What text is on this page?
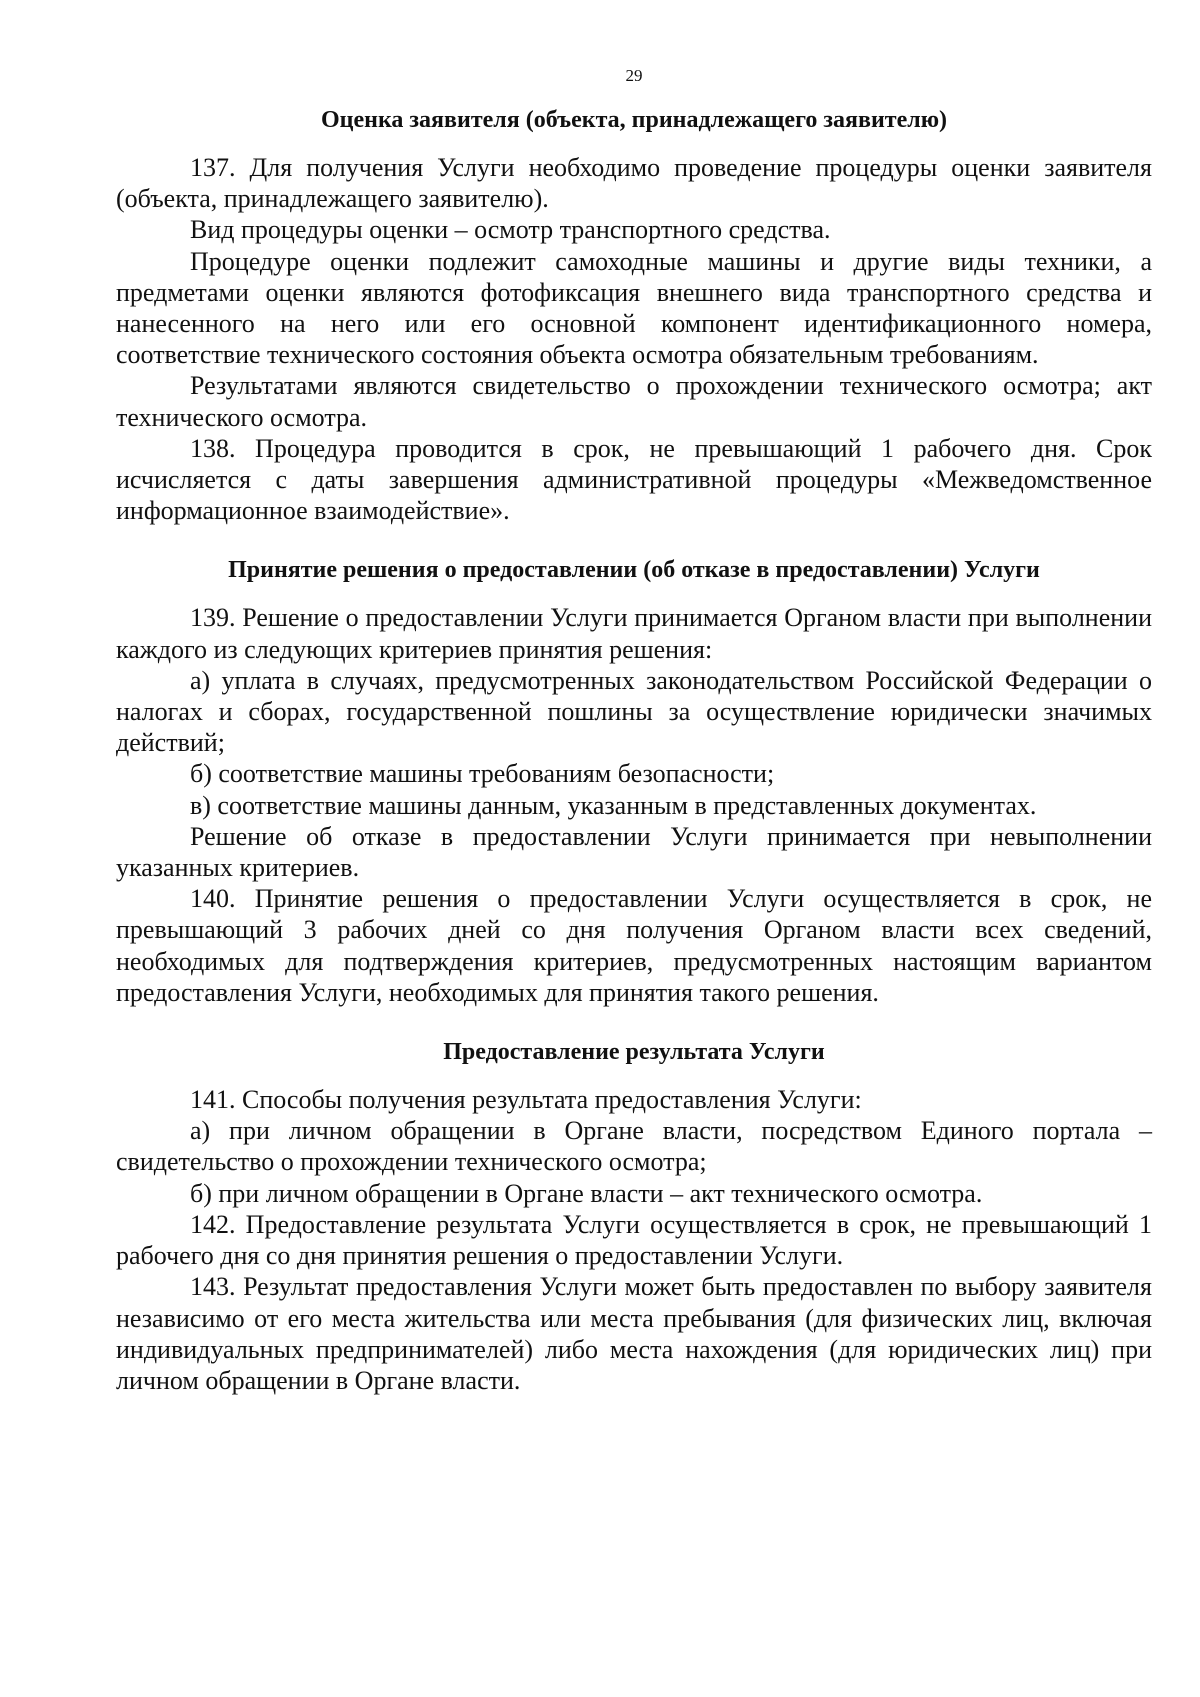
29
Оценка заявителя (объекта, принадлежащего заявителю)

137. Для получения Услуги необходимо проведение процедуры оценки заявителя (объекта, принадлежащего заявителю).

Вид процедуры оценки – осмотр транспортного средства.

Процедуре оценки подлежит самоходные машины и другие виды техники, а предметами оценки являются фотофиксация внешнего вида транспортного средства и нанесенного на него или его основной компонент идентификационного номера, соответствие технического состояния объекта осмотра обязательным требованиям.

Результатами являются свидетельство о прохождении технического осмотра; акт технического осмотра.

138. Процедура проводится в срок, не превышающий 1 рабочего дня. Срок исчисляется с даты завершения административной процедуры «Межведомственное информационное взаимодействие».

Принятие решения о предоставлении (об отказе в предоставлении) Услуги

139. Решение о предоставлении Услуги принимается Органом власти при выполнении каждого из следующих критериев принятия решения:

а) уплата в случаях, предусмотренных законодательством Российской Федерации о налогах и сборах, государственной пошлины за осуществление юридически значимых действий;

б) соответствие машины требованиям безопасности;

в) соответствие машины данным, указанным в представленных документах.

Решение об отказе в предоставлении Услуги принимается при невыполнении указанных критериев.

140. Принятие решения о предоставлении Услуги осуществляется в срок, не превышающий 3 рабочих дней со дня получения Органом власти всех сведений, необходимых для подтверждения критериев, предусмотренных настоящим вариантом предоставления Услуги, необходимых для принятия такого решения.

Предоставление результата Услуги

141. Способы получения результата предоставления Услуги:

а) при личном обращении в Органе власти, посредством Единого портала – свидетельство о прохождении технического осмотра;

б) при личном обращении в Органе власти – акт технического осмотра.

142. Предоставление результата Услуги осуществляется в срок, не превышающий 1 рабочего дня со дня принятия решения о предоставлении Услуги.

143. Результат предоставления Услуги может быть предоставлен по выбору заявителя независимо от его места жительства или места пребывания (для физических лиц, включая индивидуальных предпринимателей) либо места нахождения (для юридических лиц) при личном обращении в Органе власти.
